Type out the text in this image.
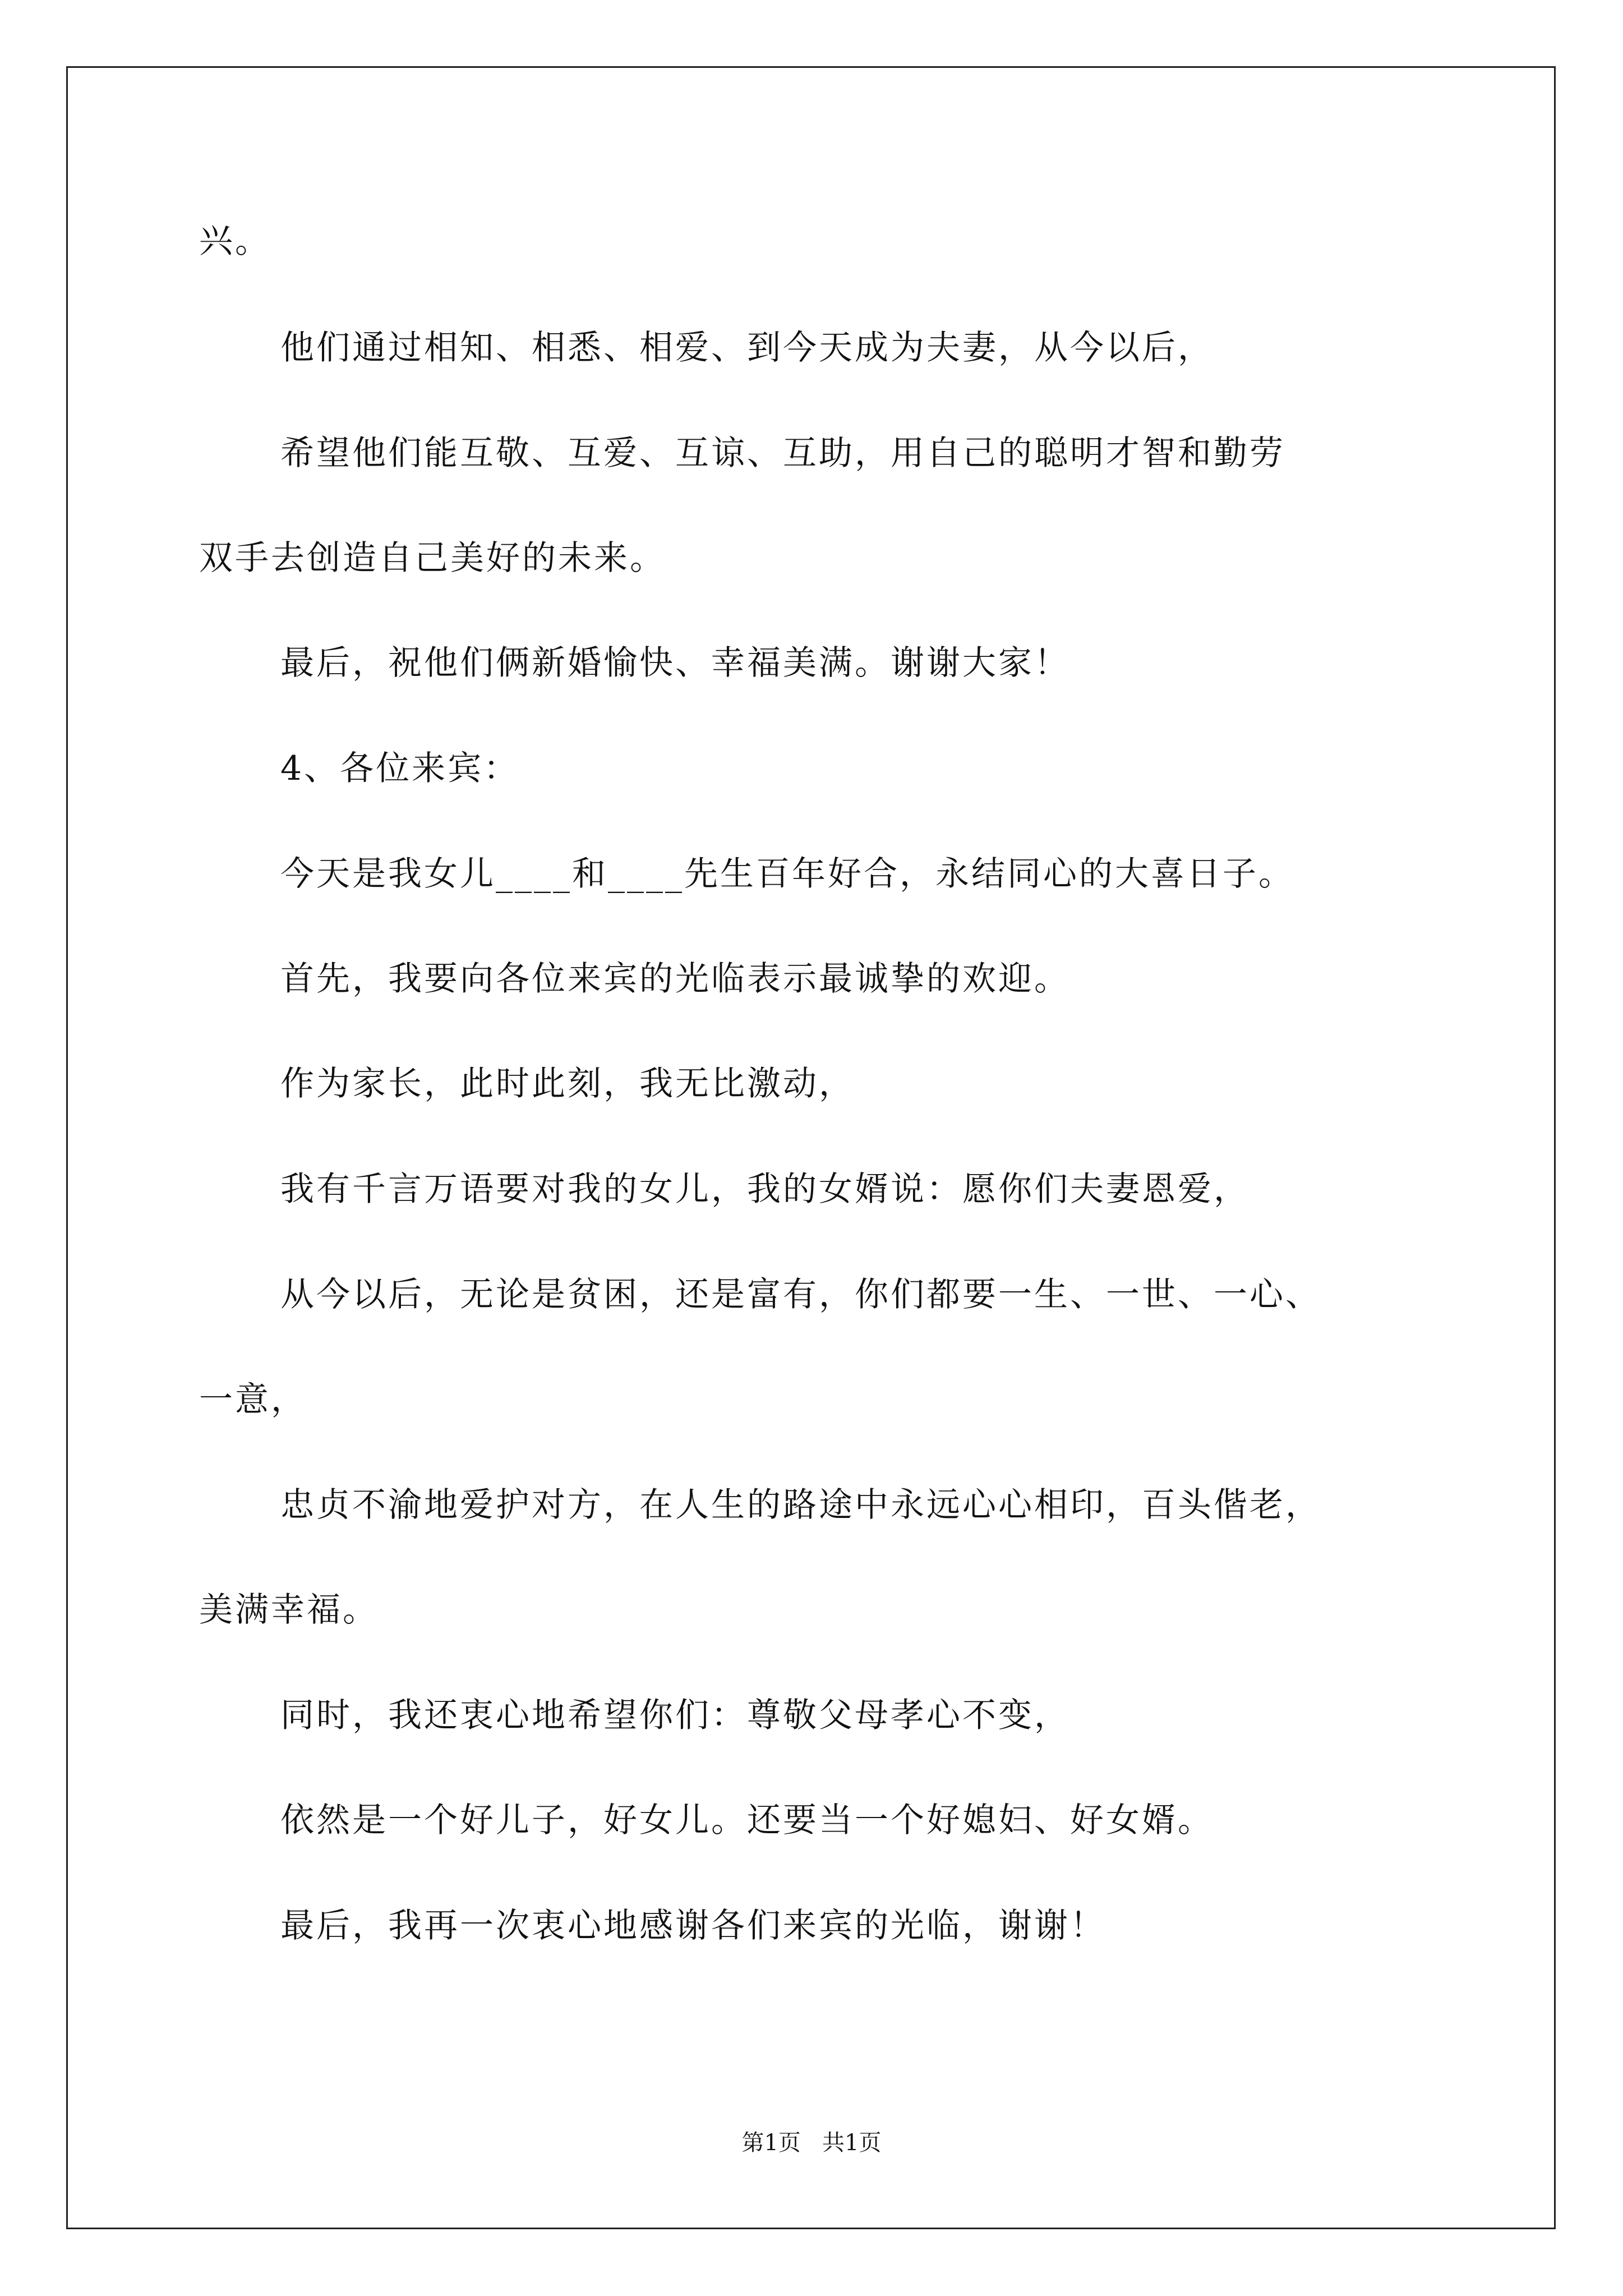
兴。
他们通过相知、相悉、相爱、到今天成为夫妻，从今以后，
希望他们能互敬、互爱、互谅、互助，用自己的聪明才智和勤劳
双手去创造自己美好的未来。
最后，祝他们俩新婚愉快、幸福美满。谢谢大家！
4、各位来宾：
今天是我女儿____和____先生百年好合，永结同心的大喜日子。
首先，我要向各位来宾的光临表示最诚挚的欢迎。
作为家长，此时此刻，我无比激动，
我有千言万语要对我的女儿，我的女婿说：愿你们夫妻恩爱，
从今以后，无论是贫困，还是富有，你们都要一生、一世、一心、
一意，
忠贞不渝地爱护对方，在人生的路途中永远心心相印，百头偕老，
美满幸福。
同时，我还衷心地希望你们：尊敬父母孝心不变，
依然是一个好儿子，好女儿。还要当一个好媳妇、好女婿。
最后，我再一次衷心地感谢各们来宾的光临，谢谢！
第1页   共1页
